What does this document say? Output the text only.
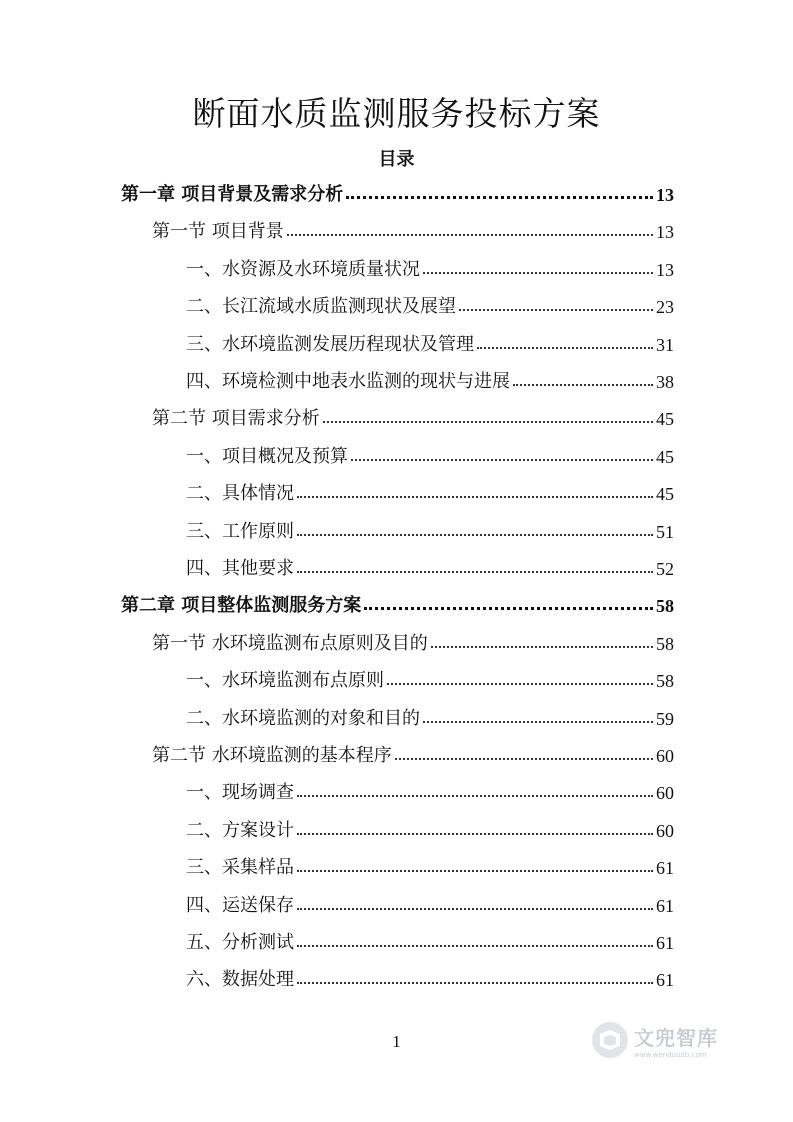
断面水质监测服务投标方案
目录
第一章 项目背景及需求分析	13
第一节 项目背景	13
一、水资源及水环境质量状况	13
二、长江流域水质监测现状及展望	23
三、水环境监测发展历程现状及管理	31
四、环境检测中地表水监测的现状与进展	38
第二节 项目需求分析	45
一、项目概况及预算	45
二、具体情况	45
三、工作原则	51
四、其他要求	52
第二章 项目整体监测服务方案	58
第一节 水环境监测布点原则及目的	58
一、水环境监测布点原则	58
二、水环境监测的对象和目的	59
第二节 水环境监测的基本程序	60
一、现场调查	60
二、方案设计	60
三、采集样品	61
四、运送保存	61
五、分析测试	61
六、数据处理	61
1	文兜智库
www.wendoudb.com
